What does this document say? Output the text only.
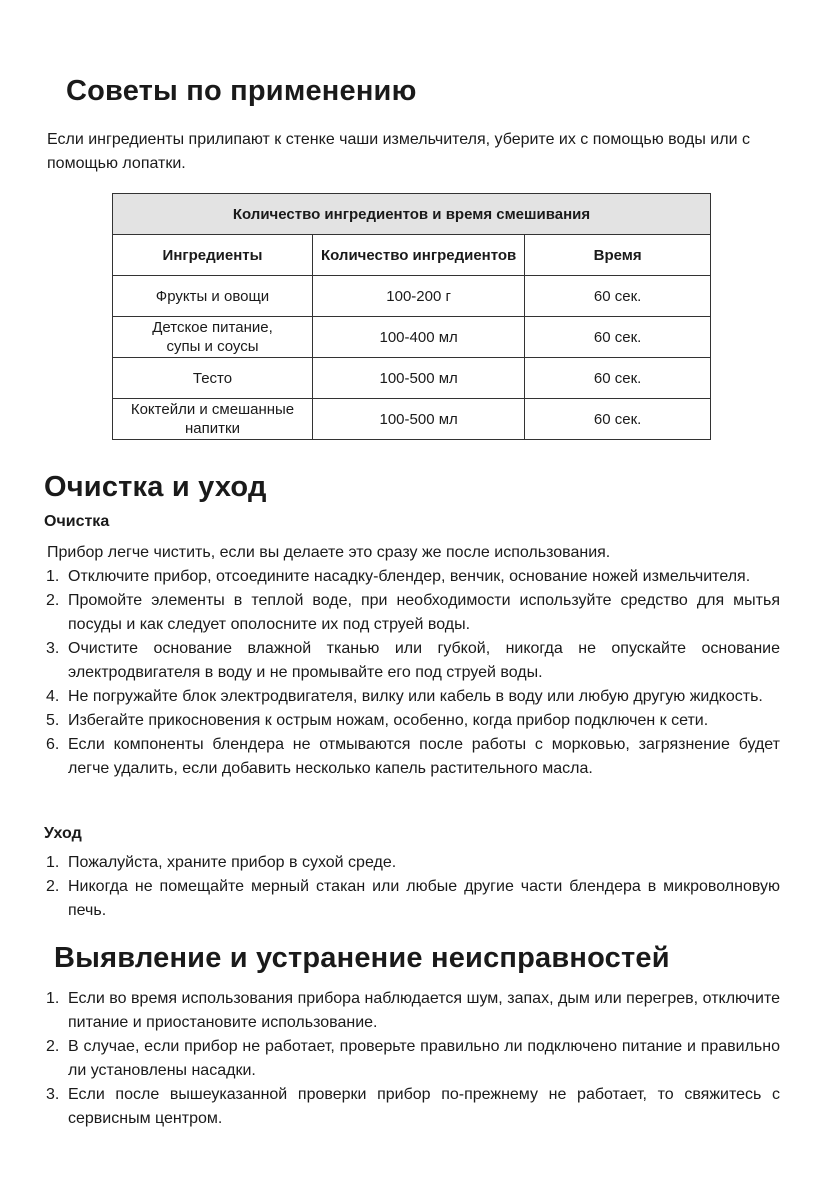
Советы по применению

Если ингредиенты прилипают к стенке чаши измельчителя, уберите их с помощью воды или с помощью лопатки.

Количество ингредиентов и время смешивания		
Ингредиенты	Количество ингредиентов	Время
Фрукты и овощи	100-200 г	60 сек.
Детское питание,
супы и соусы	100-400 мл	60 сек.
Тесто	100-500 мл	60 сек.
Коктейли и смешанные
напитки	100-500 мл	60 сек.
Очистка и уход
Очистка

Прибор легче чистить, если вы делаете это сразу же после использования.

1. Отключите прибор, отсоедините насадку-блендер, венчик, основание ножей измельчителя.
2. Промойте элементы в теплой воде, при необходимости используйте средство для мытья посуды и как следует ополосните их под струей воды.
3. Очистите основание влажной тканью или губкой, никогда не опускайте основание электродвигателя в воду и не промывайте его под струей воды.
4. Не погружайте блок электродвигателя, вилку или кабель в воду или любую другую жидкость.
5. Избегайте прикосновения к острым ножам, особенно, когда прибор подключен к сети.
6. Если компоненты блендера не отмываются после работы с морковью, загрязнение будет легче удалить, если добавить несколько капель растительного масла.
Уход
1. Пожалуйста, храните прибор в сухой среде.
2. Никогда не помещайте мерный стакан или любые другие части блендера в микроволновую печь.
Выявление и устранение неисправностей
1. Если во время использования прибора наблюдается шум, запах, дым или перегрев, отключите питание и приостановите использование.
2. В случае, если прибор не работает, проверьте правильно ли подключено питание и правильно ли установлены насадки.
3. Если после вышеуказанной проверки прибор по-прежнему не работает, то свяжитесь с сервисным центром.
